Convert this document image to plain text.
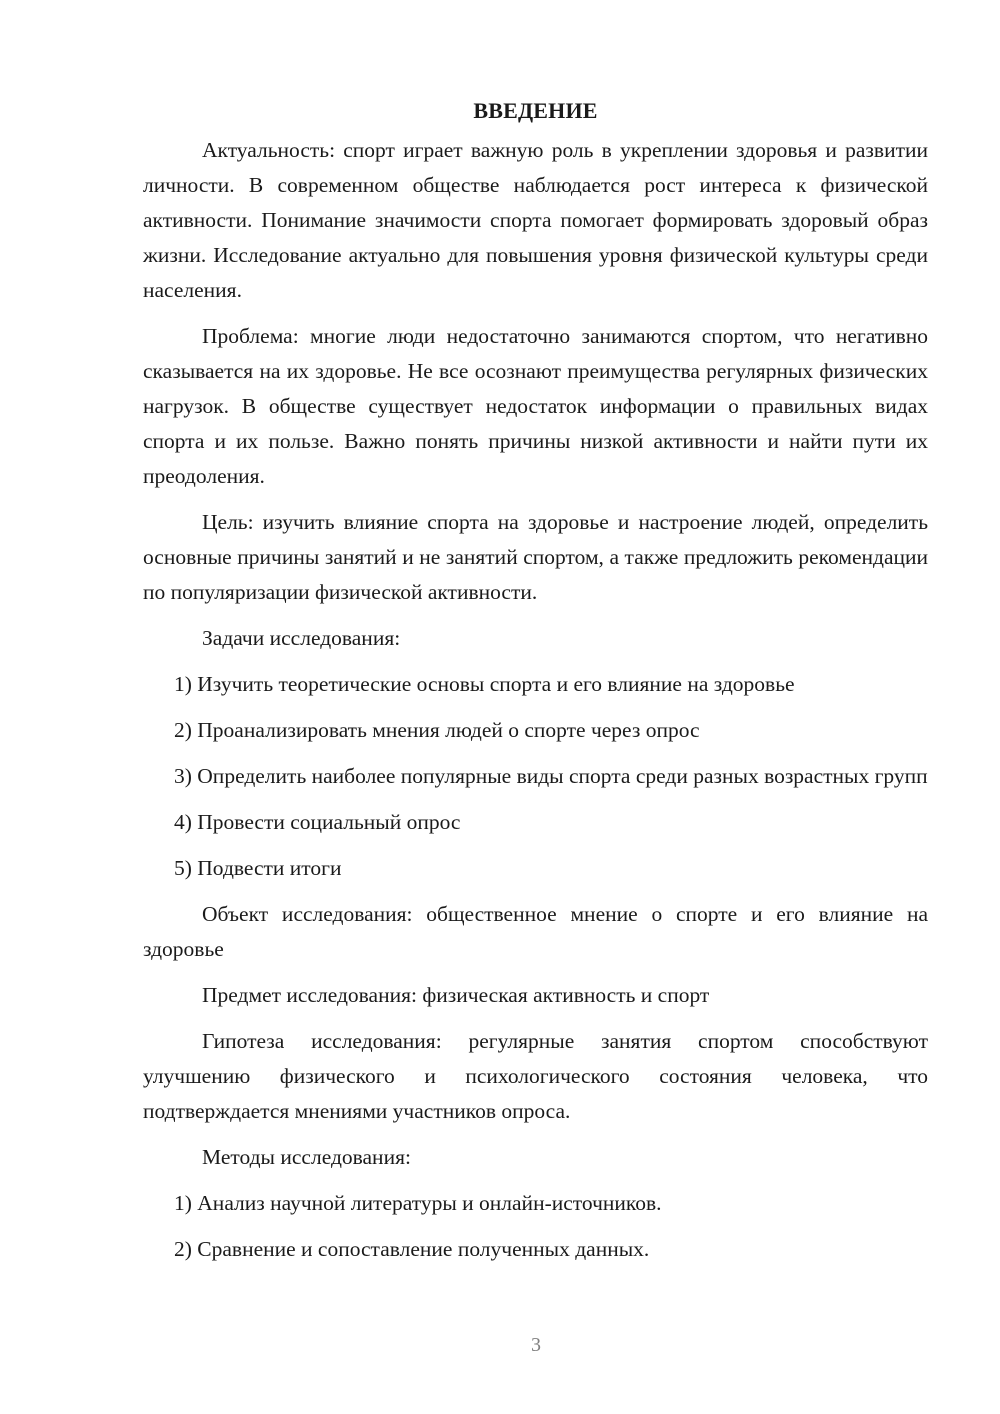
ВВЕДЕНИЕ

Актуальность: спорт играет важную роль в укреплении здоровья и развитии личности. В современном обществе наблюдается рост интереса к физической активности. Понимание значимости спорта помогает формировать здоровый образ жизни. Исследование актуально для повышения уровня физической культуры среди населения.

Проблема: многие люди недостаточно занимаются спортом, что негативно сказывается на их здоровье. Не все осознают преимущества регулярных физических нагрузок. В обществе существует недостаток информации о правильных видах спорта и их пользе. Важно понять причины низкой активности и найти пути их преодоления.

Цель: изучить влияние спорта на здоровье и настроение людей, определить основные причины занятий и не занятий спортом, а также предложить рекомендации по популяризации физической активности.

Задачи исследования:

1) Изучить теоретические основы спорта и его влияние на здоровье

2) Проанализировать мнения людей о спорте через опрос

3) Определить наиболее популярные виды спорта среди разных возрастных групп

4) Провести социальный опрос

5) Подвести итоги

Объект исследования: общественное мнение о спорте и его влияние на здоровье

Предмет исследования: физическая активность и спорт

Гипотеза исследования: регулярные занятия спортом способствуют улучшению физического и психологического состояния человека, что подтверждается мнениями участников опроса.

Методы исследования:

1) Анализ научной литературы и онлайн-источников.

2) Сравнение и сопоставление полученных данных.

3
